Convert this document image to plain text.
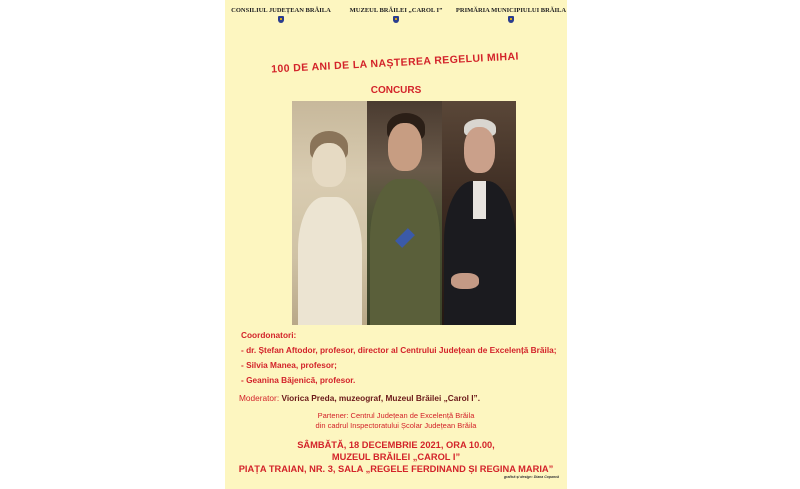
CONSILIUL JUDEȚEAN BRĂILA	MUZEUL BRĂILEI „CAROL I”	PRIMĂRIA MUNICIPIULUI BRĂILA
100 DE ANI DE LA NAȘTEREA REGELUI MIHAI
CONCURS
Coordonatori:
- dr. Ștefan Aftodor, profesor, director al Centrului Județean de Excelență Brăila;
- Silvia Manea, profesor;
- Geanina Băjenică, profesor.
Moderator: Viorica Preda, muzeograf, Muzeul Brăilei „Carol I”.
Partener: Centrul Județean de Excelență Brăila
din cadrul Inspectoratului Școlar Județean Brăila
SÂMBĂTĂ, 18 DECEMBRIE 2021, ORA 10.00,
MUZEUL BRĂILEI „CAROL I”
PIAȚA TRAIAN, NR. 3, SALA „REGELE FERDINAND ȘI REGINA MARIA”
grafică și design: Diana Copancă
